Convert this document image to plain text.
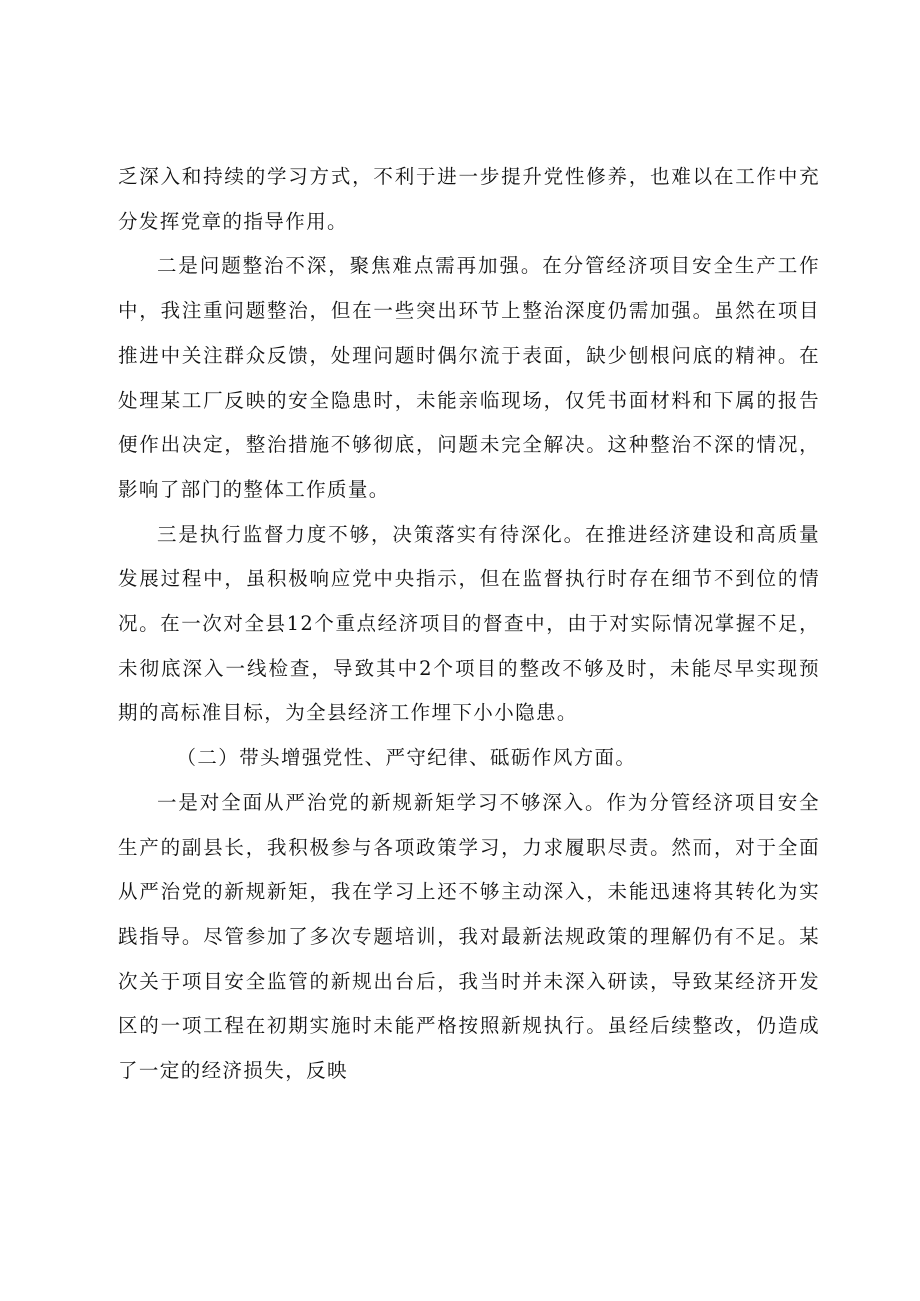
乏深入和持续的学习方式，不利于进一步提升党性修养，也难以在工作中充分发挥党章的指导作用。

二是问题整治不深，聚焦难点需再加强。在分管经济项目安全生产工作中，我注重问题整治，但在一些突出环节上整治深度仍需加强。虽然在项目推进中关注群众反馈，处理问题时偶尔流于表面，缺少刨根问底的精神。在处理某工厂反映的安全隐患时，未能亲临现场，仅凭书面材料和下属的报告便作出决定，整治措施不够彻底，问题未完全解决。这种整治不深的情况，影响了部门的整体工作质量。

三是执行监督力度不够，决策落实有待深化。在推进经济建设和高质量发展过程中，虽积极响应党中央指示，但在监督执行时存在细节不到位的情况。在一次对全县12个重点经济项目的督查中，由于对实际情况掌握不足，未彻底深入一线检查，导致其中2个项目的整改不够及时，未能尽早实现预期的高标准目标，为全县经济工作埋下小小隐患。

（二）带头增强党性、严守纪律、砥砺作风方面。

一是对全面从严治党的新规新矩学习不够深入。作为分管经济项目安全生产的副县长，我积极参与各项政策学习，力求履职尽责。然而，对于全面从严治党的新规新矩，我在学习上还不够主动深入，未能迅速将其转化为实践指导。尽管参加了多次专题培训，我对最新法规政策的理解仍有不足。某次关于项目安全监管的新规出台后，我当时并未深入研读，导致某经济开发区的一项工程在初期实施时未能严格按照新规执行。虽经后续整改，仍造成了一定的经济损失，反映
